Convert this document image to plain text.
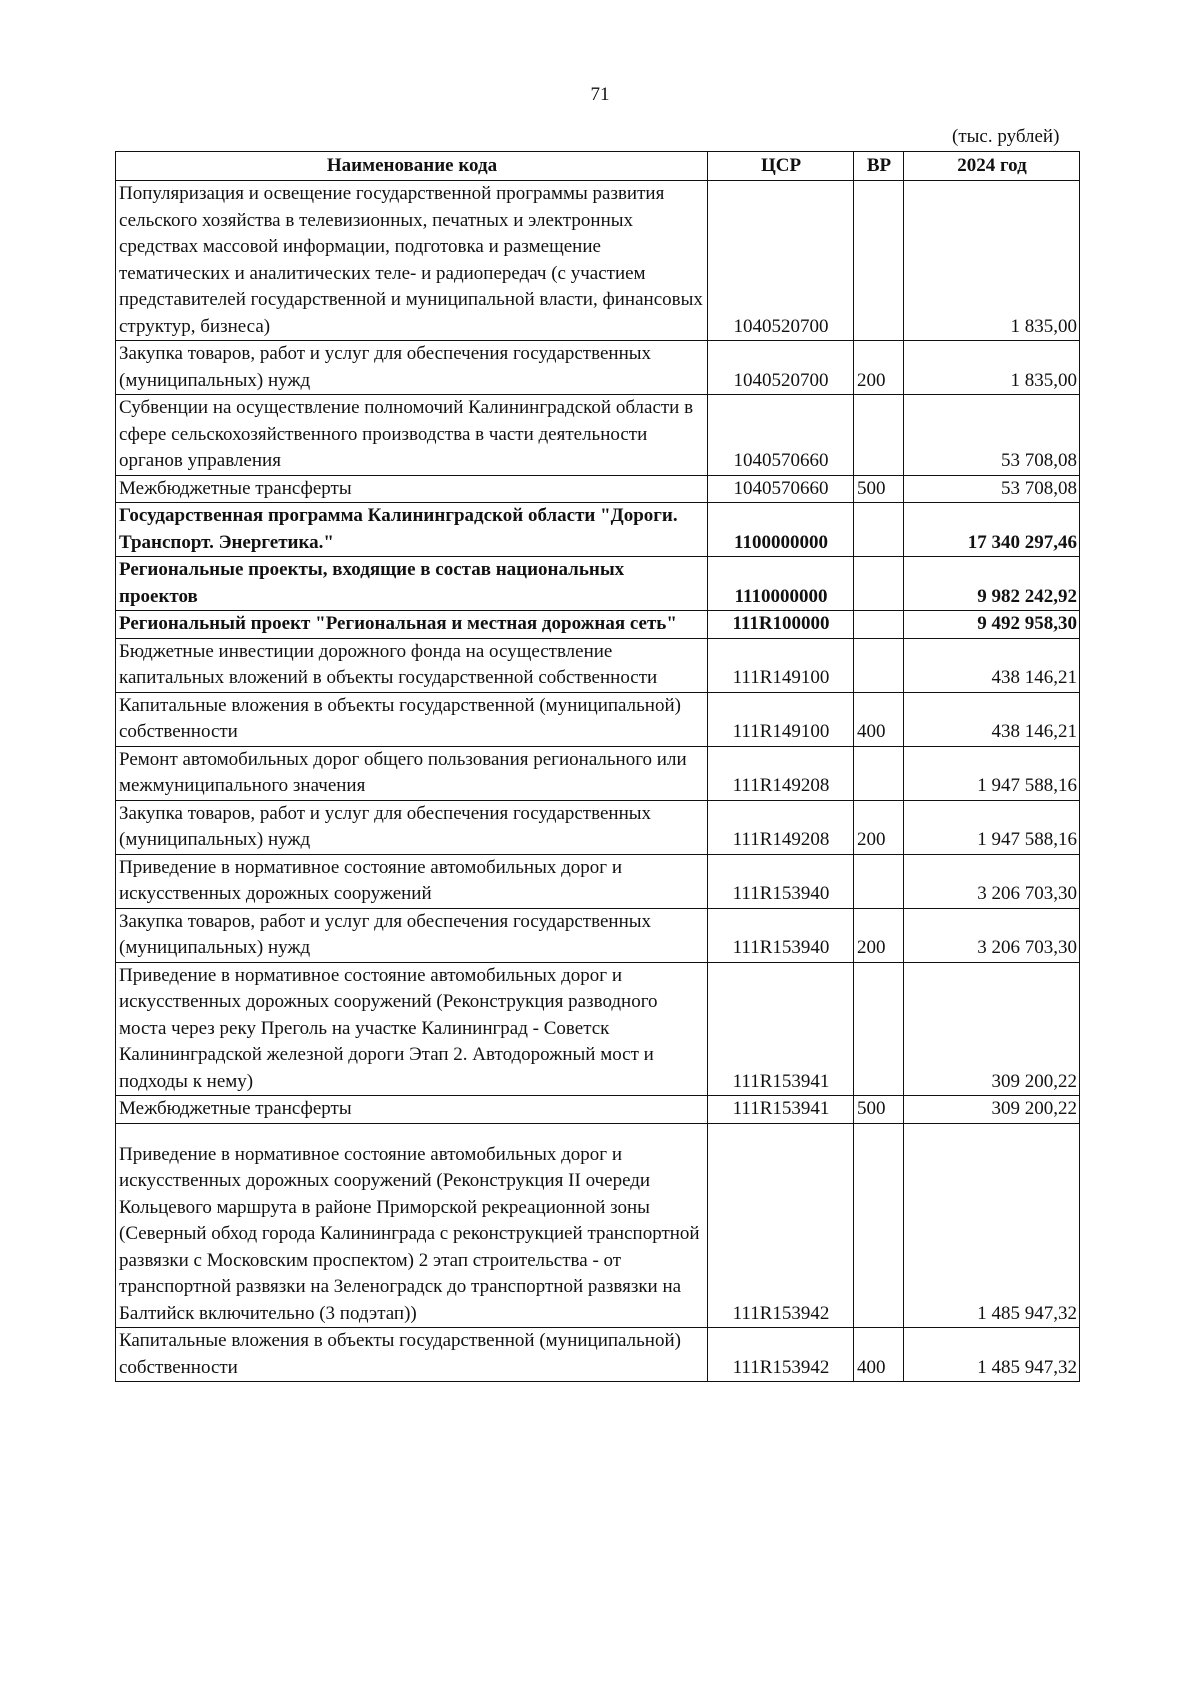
71
(тыс. рублей)
Наименование кода	ЦСР	ВР	2024 год
Популяризация и освещение государственной программы развития сельского хозяйства в телевизионных, печатных и электронных средствах массовой информации, подготовка и размещение тематических и аналитических теле- и радиопередач (с участием представителей государственной и муниципальной власти, финансовых структур, бизнеса)	1040520700		1 835,00
Закупка товаров, работ и услуг для обеспечения государственных (муниципальных) нужд	1040520700	200	1 835,00
Субвенции на осуществление полномочий Калининградской области в сфере сельскохозяйственного производства в части деятельности органов управления	1040570660		53 708,08
Межбюджетные трансферты	1040570660	500	53 708,08
Государственная программа Калининградской области "Дороги. Транспорт. Энергетика."	1100000000		17 340 297,46
Региональные проекты, входящие в состав национальных проектов	1110000000		9 982 242,92
Региональный проект "Региональная и местная дорожная сеть"	111R100000		9 492 958,30
Бюджетные инвестиции дорожного фонда на осуществление капитальных вложений в объекты государственной собственности	111R149100		438 146,21
Капитальные вложения в объекты государственной (муниципальной) собственности	111R149100	400	438 146,21
Ремонт автомобильных дорог общего пользования регионального или межмуниципального значения	111R149208		1 947 588,16
Закупка товаров, работ и услуг для обеспечения государственных (муниципальных) нужд	111R149208	200	1 947 588,16
Приведение в нормативное состояние автомобильных дорог и искусственных дорожных сооружений	111R153940		3 206 703,30
Закупка товаров, работ и услуг для обеспечения государственных (муниципальных) нужд	111R153940	200	3 206 703,30
Приведение в нормативное состояние автомобильных дорог и искусственных дорожных сооружений (Реконструкция разводного моста через реку Преголь на участке Калининград - Советск Калининградской железной дороги Этап 2. Автодорожный мост и подходы к нему)	111R153941		309 200,22
Межбюджетные трансферты	111R153941	500	309 200,22
Приведение в нормативное состояние автомобильных дорог и искусственных дорожных сооружений (Реконструкция II очереди Кольцевого маршрута в районе Приморской рекреационной зоны (Северный обход города Калининграда с реконструкцией транспортной развязки с Московским проспектом) 2 этап строительства - от транспортной развязки на Зеленоградск до транспортной развязки на Балтийск включительно (3 подэтап))	111R153942		1 485 947,32
Капитальные вложения в объекты государственной (муниципальной) собственности	111R153942	400	1 485 947,32
